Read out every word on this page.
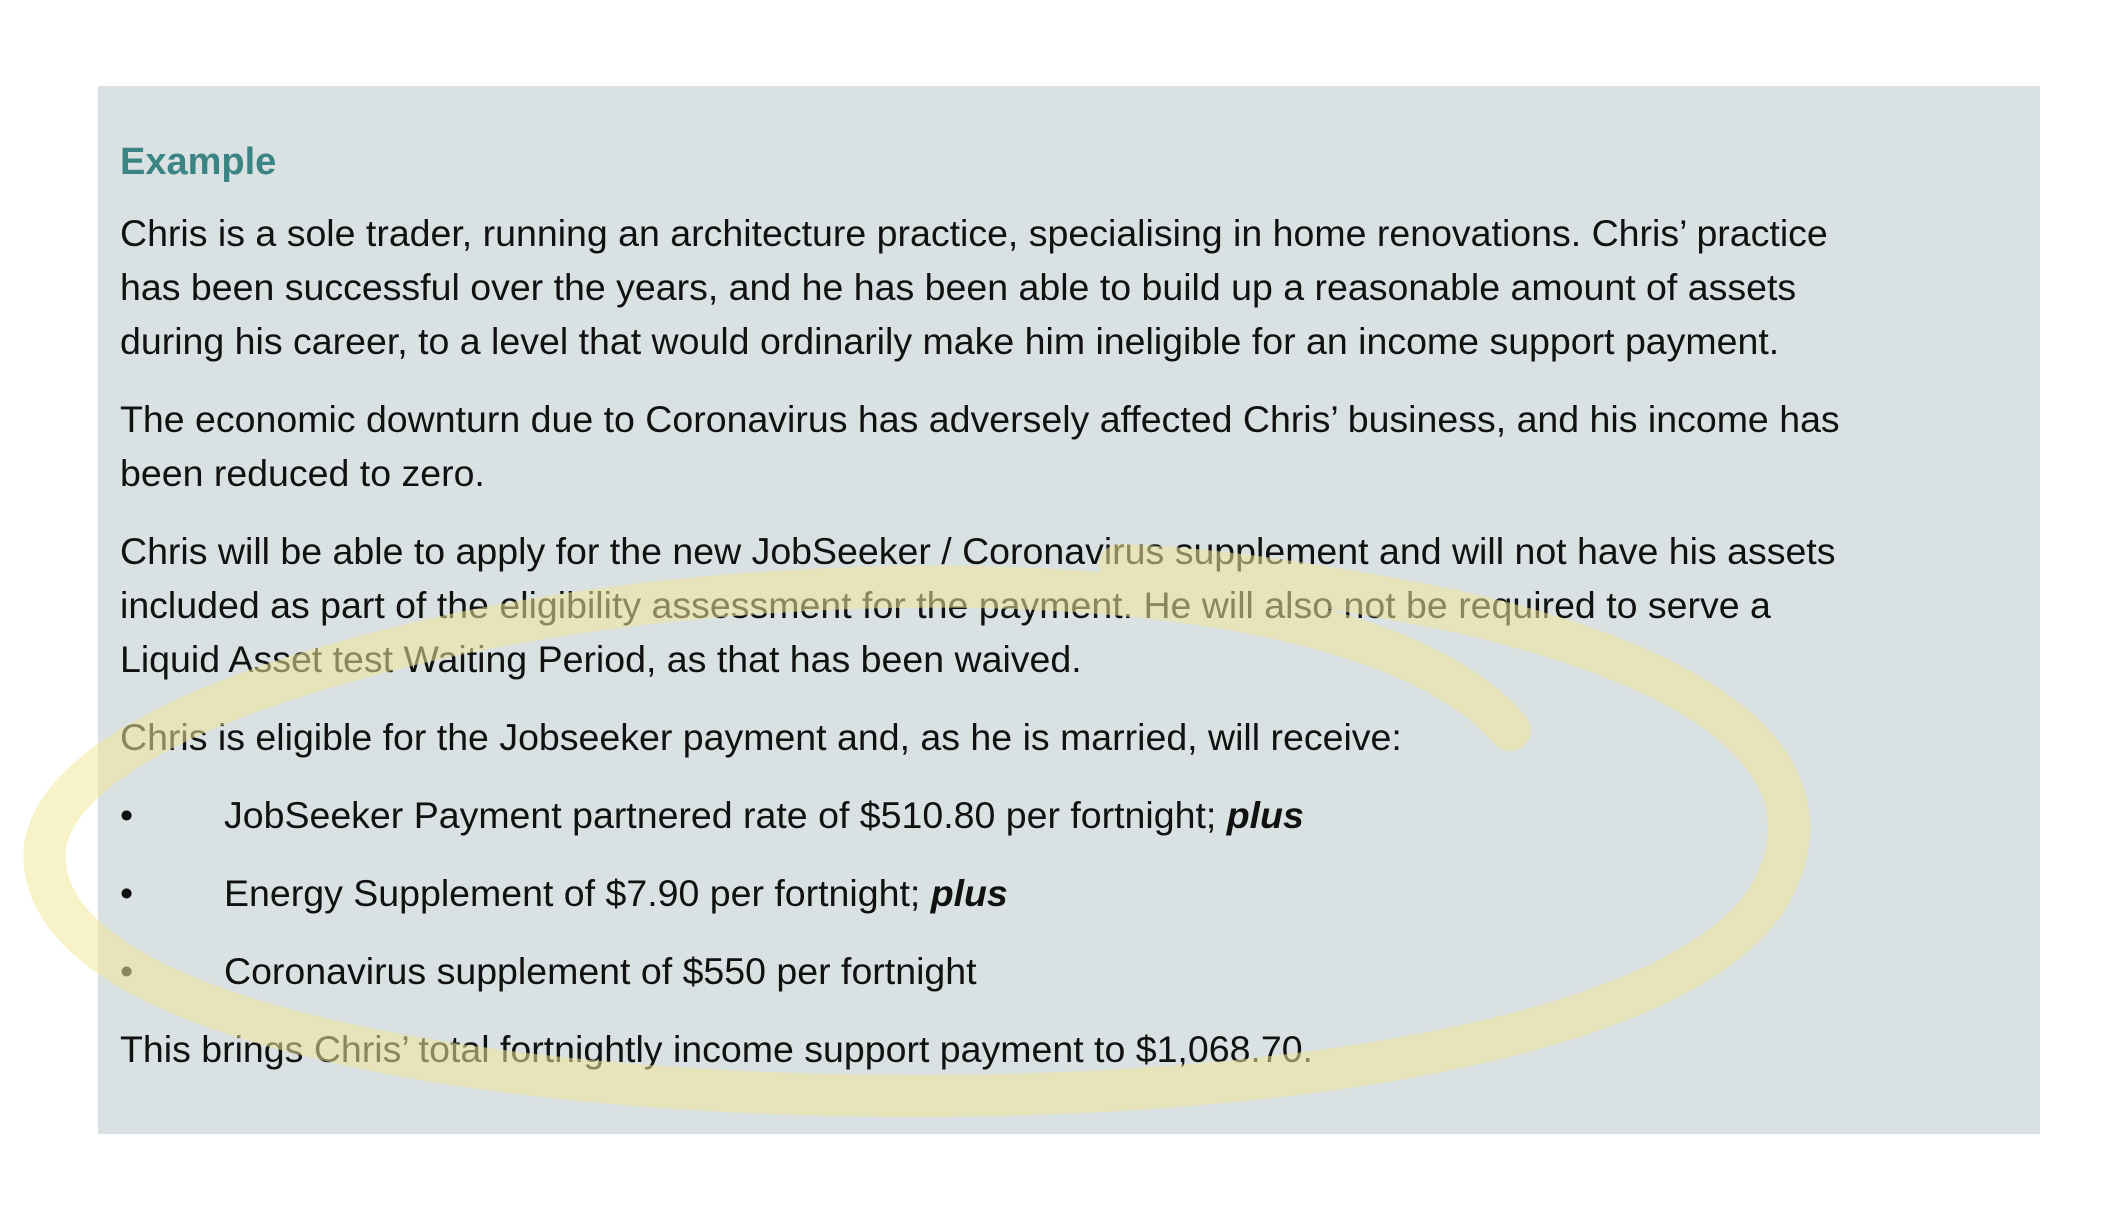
Example
Chris is a sole trader, running an architecture practice, specialising in home renovations. Chris’ practice
has been successful over the years, and he has been able to build up a reasonable amount of assets
during his career, to a level that would ordinarily make him ineligible for an income support payment.
The economic downturn due to Coronavirus has adversely affected Chris’ business, and his income has
been reduced to zero.
Chris will be able to apply for the new JobSeeker / Coronavirus supplement and will not have his assets
included as part of the eligibility assessment for the payment. He will also not be required to serve a
Liquid Asset test Waiting Period, as that has been waived.
Chris is eligible for the Jobseeker payment and, as he is married, will receive:
• JobSeeker Payment partnered rate of $510.80 per fortnight; plus
• Energy Supplement of $7.90 per fortnight; plus
• Coronavirus supplement of $550 per fortnight
This brings Chris’ total fortnightly income support payment to $1,068.70.
